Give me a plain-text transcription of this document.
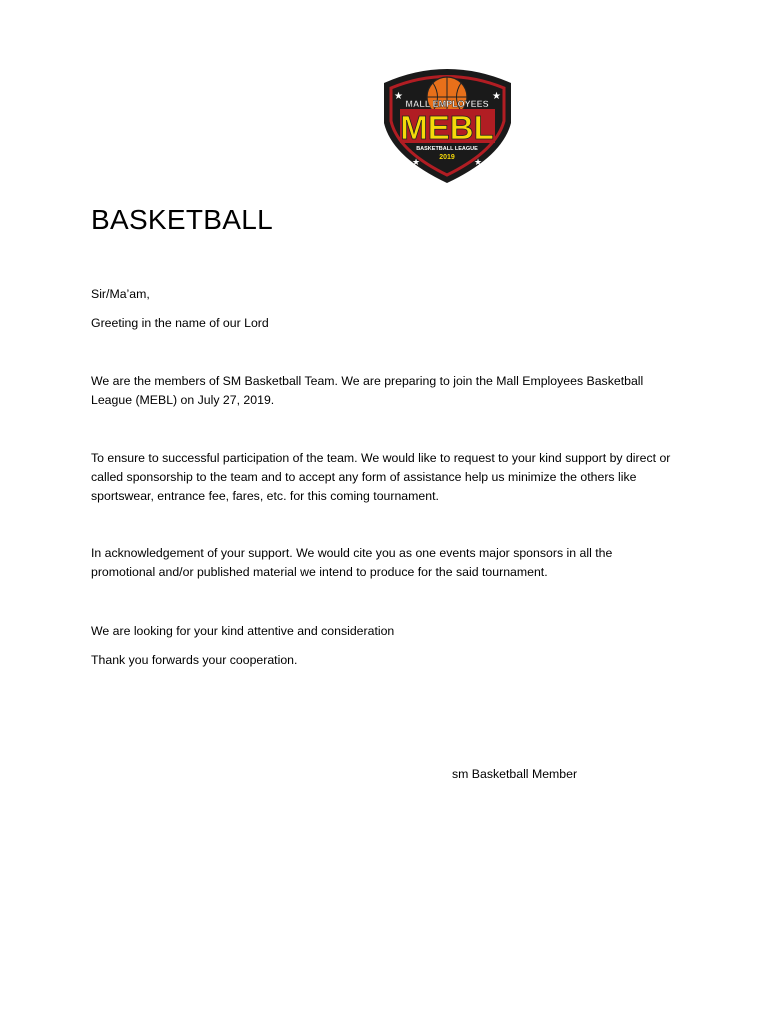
★	★
★	★
MALL EMPLOYEES
MEBL
BASKETBALL LEAGUE
2019
BASKETBALL
Sir/Ma’am,
Greeting in the name of our Lord
We are the members of SM Basketball Team. We are preparing to join the Mall Employees Basketball League (MEBL) on July 27, 2019.
To ensure to successful participation of the team. We would like to request to your kind support by direct or called sponsorship to the team and to accept any form of assistance help us minimize the others like sportswear, entrance fee, fares, etc. for this coming tournament.
In acknowledgement of your support. We would cite you as one events major sponsors in all the promotional and/or published material we intend to produce for the said tournament.
We are looking for your kind attentive and consideration
Thank you forwards your cooperation.
sm Basketball Member
